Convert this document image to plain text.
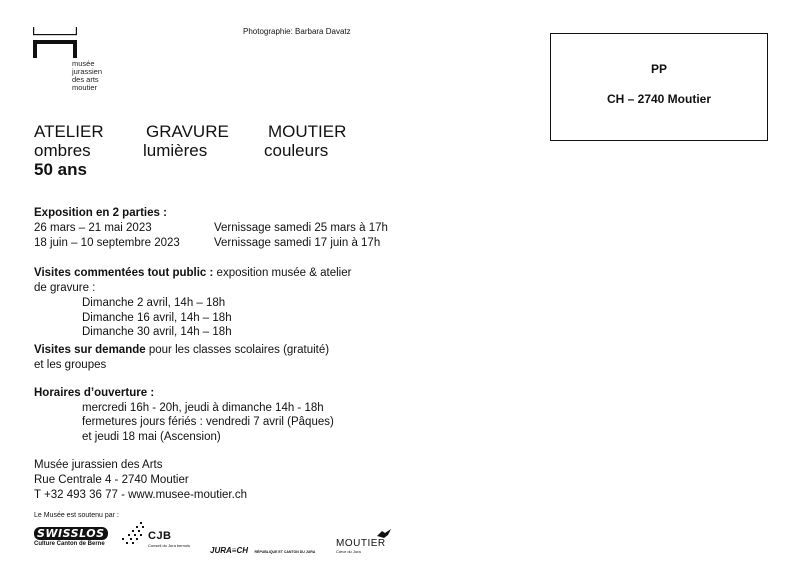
musée
jurassien
des arts
moutier
Photographie: Barbara Davatz
PP
CH – 2740 Moutier
ATELIER GRAVURE MOUTIER
ombres	lumières	couleurs
50 ans
Exposition en 2 parties :
26 mars – 21 mai 2023	Vernissage samedi 25 mars à 17h
18 juin – 10 septembre 2023	Vernissage samedi 17 juin à 17h
Visites commentées tout public : exposition musée & atelier
de gravure :
Dimanche 2 avril, 14h – 18h
Dimanche 16 avril, 14h – 18h
Dimanche 30 avril, 14h – 18h
Visites sur demande pour les classes scolaires (gratuité)
et les groupes
Horaires d’ouverture :
mercredi 16h - 20h, jeudi à dimanche 14h - 18h
fermetures jours fériés : vendredi 7 avril (Pâques)
et jeudi 18 mai (Ascension)
Musée jurassien des Arts
Rue Centrale 4 - 2740 Moutier
T +32 493 36 77 - www.musee-moutier.ch
Le Musée est soutenu par :
SWISSLOS
Culture Canton de Berne
CJB
Conseil du Jura bernois
JURA≡CH RÉPUBLIQUE ET CANTON DU JURA
MOUTIER
Cœur du Jura
